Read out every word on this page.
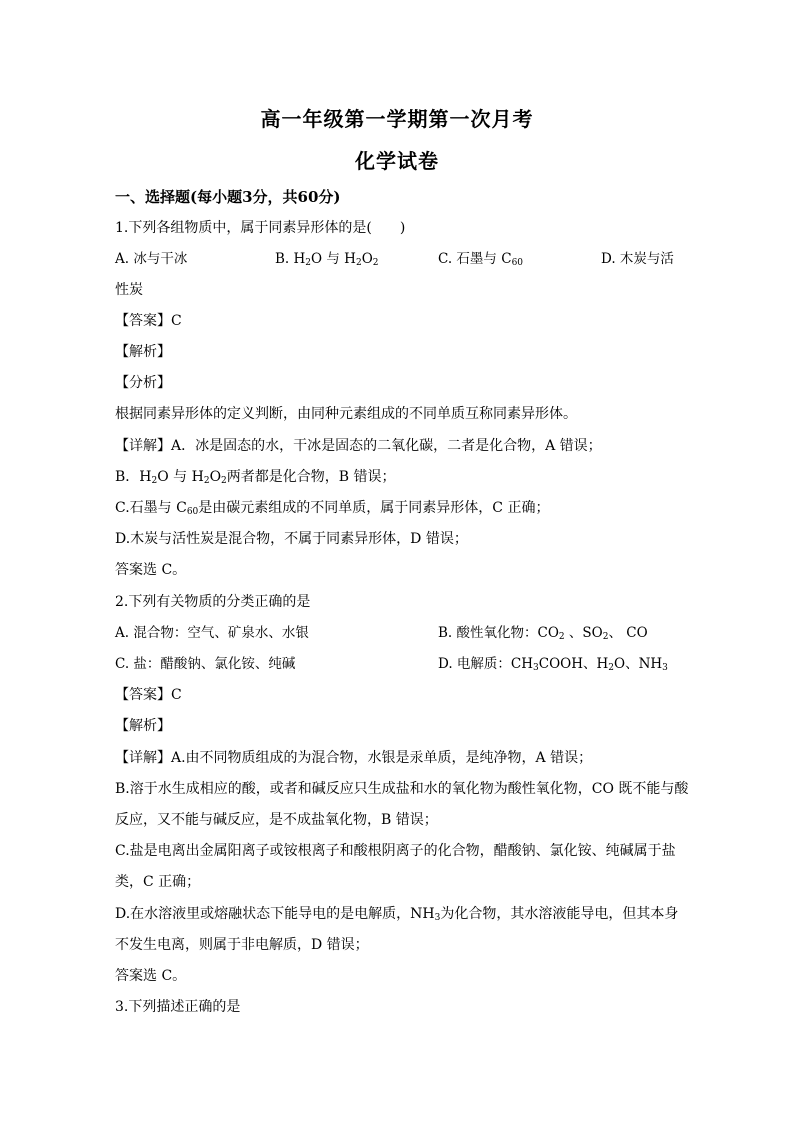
高一年级第一学期第一次月考
化学试卷
一、选择题(每小题3分，共60分)
1.下列各组物质中，属于同素异形体的是(　　)
A. 冰与干冰	B. $H_2O$ 与 $H_2O_2$	C. 石墨与 $C_{60}$	D. 木炭与活
性炭
【答案】C
【解析】
【分析】
根据同素异形体的定义判断，由同种元素组成的不同单质互称同素异形体。
【详解】A．冰是固态的水，干冰是固态的二氧化碳，二者是化合物，A 错误；
B．$H_2O$ 与 $H_2O_2$两者都是化合物，B 错误；
C.石墨与 $C_{60}$是由碳元素组成的不同单质，属于同素异形体，C 正确；
D.木炭与活性炭是混合物，不属于同素异形体，D 错误；
答案选 C。
2.下列有关物质的分类正确的是
A. 混合物：空气、矿泉水、水银	B. 酸性氧化物：$CO_2$ 、$SO_2$、 CO
C. 盐：醋酸钠、氯化铵、纯碱	D. 电解质：$CH_3COOH$、$H_2O$、$NH_3$
【答案】C
【解析】
【详解】A.由不同物质组成的为混合物，水银是汞单质，是纯净物，A 错误；
B.溶于水生成相应的酸，或者和碱反应只生成盐和水的氧化物为酸性氧化物，CO 既不能与酸
反应，又不能与碱反应，是不成盐氧化物，B 错误；
C.盐是电离出金属阳离子或铵根离子和酸根阴离子的化合物，醋酸钠、氯化铵、纯碱属于盐
类，C 正确；
D.在水溶液里或熔融状态下能导电的是电解质，$NH_3$为化合物，其水溶液能导电，但其本身
不发生电离，则属于非电解质，D 错误；
答案选 C。
3.下列描述正确的是
